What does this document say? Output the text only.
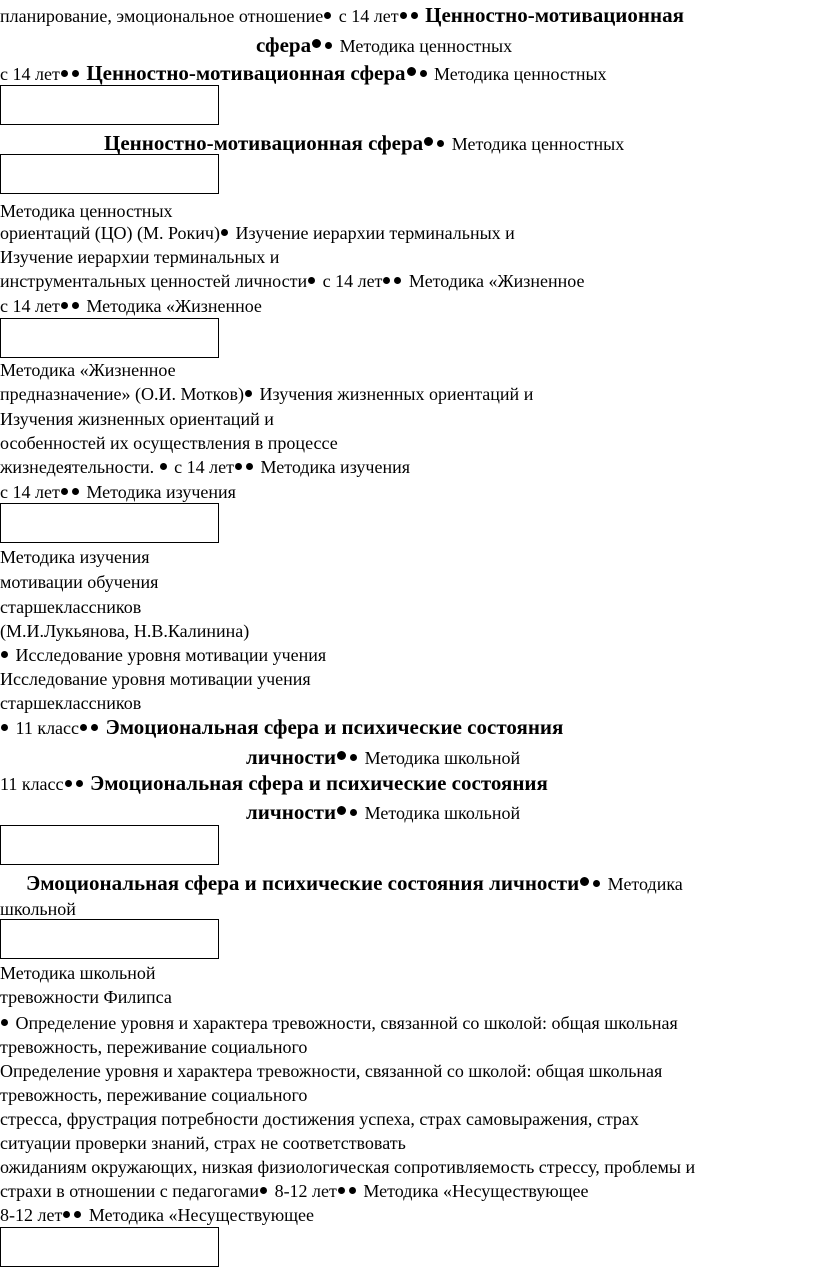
планирование, эмоциональное отношение с 14 лет Ценностно-мотивационная
сфера Методика ценностных
с 14 лет Ценностно-мотивационная сфера Методика ценностных
Ценностно-мотивационная сфера Методика ценностных
Методика ценностных
ориентаций (ЦО) (М. Рокич) Изучение иерархии терминальных и
Изучение иерархии терминальных и
инструментальных ценностей личности с 14 лет Методика «Жизненное
с 14 лет Методика «Жизненное
Методика «Жизненное
предназначение» (О.И. Мотков) Изучения жизненных ориентаций и
Изучения жизненных ориентаций и
особенностей их осуществления в процессе
жизнедеятельности. с 14 лет Методика изучения
с 14 лет Методика изучения
Методика изучения
мотивации обучения
старшеклассников
(М.И.Лукьянова, Н.В.Калинина)
Исследование уровня мотивации учения
Исследование уровня мотивации учения
старшеклассников
11 класс Эмоциональная сфера и психические состояния
личности Методика школьной
11 класс Эмоциональная сфера и психические состояния
личности Методика школьной
Эмоциональная сфера и психические состояния личности Методика
школьной
Методика школьной
тревожности Филипса
Определение уровня и характера тревожности, связанной со школой: общая школьная
тревожность, переживание социального
Определение уровня и характера тревожности, связанной со школой: общая школьная
тревожность, переживание социального
стресса, фрустрация потребности достижения успеха, страх самовыражения, страх
ситуации проверки знаний, страх не соответствовать
ожиданиям окружающих, низкая физиологическая сопротивляемость стрессу, проблемы и
страхи в отношении с педагогами 8-12 лет Методика «Несуществующее
8-12 лет Методика «Несуществующее
